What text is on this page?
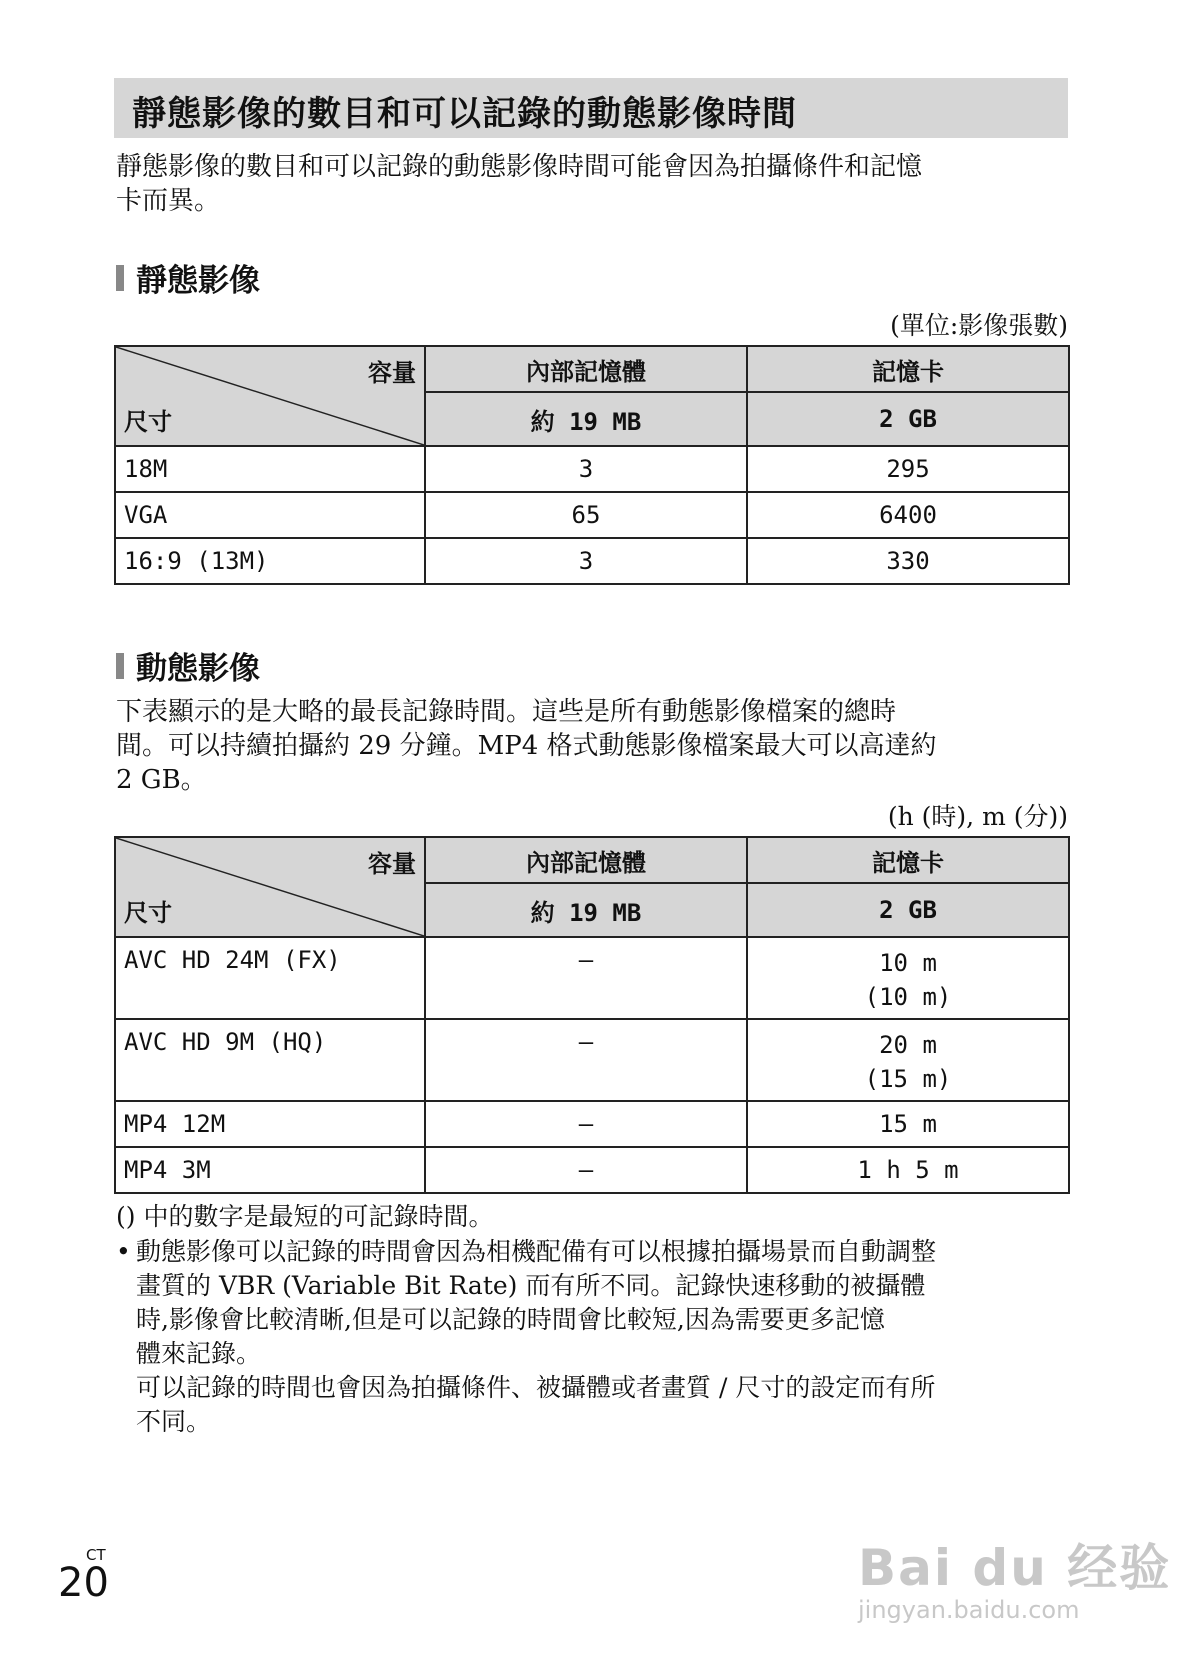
靜態影像的數目和可以記錄的動態影像時間
靜態影像的數目和可以記錄的動態影像時間可能會因為拍攝條件和記憶
卡而異。
靜態影像
(單位:影像張數)
容量
尺寸	內部記憶體	記憶卡
	約 19 MB	2 GB
18M	3	295
VGA	65	6400
16:9 (13M)	3	330
動態影像
下表顯示的是大略的最長記錄時間。這些是所有動態影像檔案的總時
間。可以持續拍攝約 29 分鐘。MP4 格式動態影像檔案最大可以高達約
2 GB。
(h (時), m (分))
容量
尺寸	內部記憶體	記憶卡
	約 19 MB	2 GB
AVC HD 24M (FX)	—	10 m
(10 m)

AVC HD 9M (HQ)	—	20 m
(15 m)

MP4 12M	—	15 m
MP4 3M	—	1 h 5 m
() 中的數字是最短的可記錄時間。
• 動態影像可以記錄的時間會因為相機配備有可以根據拍攝場景而自動調整
畫質的 VBR (Variable Bit Rate) 而有所不同。記錄快速移動的被攝體
時,影像會比較清晰,但是可以記錄的時間會比較短,因為需要更多記憶
體來記錄。
可以記錄的時間也會因為拍攝條件、被攝體或者畫質 / 尺寸的設定而有所
不同。
CT
20	Bai du 经验
jingyan.baidu.com
